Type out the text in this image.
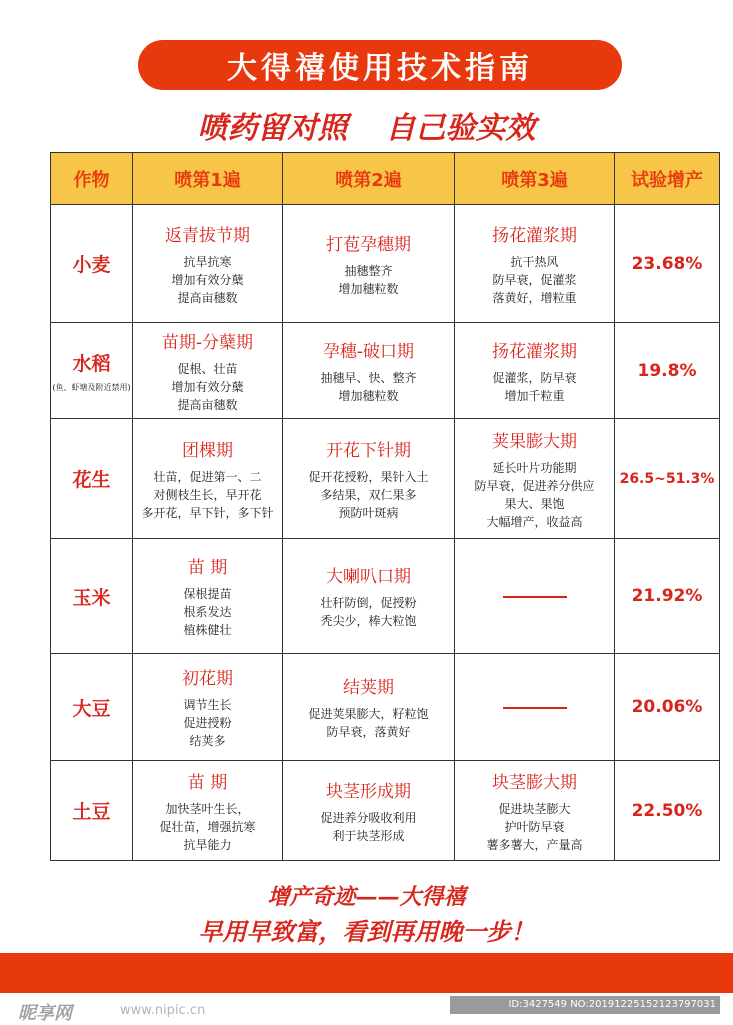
大得禧使用技术指南
喷药留对照 自己验实效
作物	喷第1遍	喷第2遍	喷第3遍	试验增产
小麦	返青拔节期
抗旱抗寒
增加有效分蘖
提高亩穗数	打苞孕穗期
抽穗整齐
增加穗粒数	扬花灌浆期
抗干热风
防早衰，促灌浆
落黄好，增粒重	23.68%
水稻
(鱼、虾塘及附近禁用)	苗期-分蘖期
促根、壮苗
增加有效分蘖
提高亩穗数	孕穗-破口期
抽穗早、快、整齐
增加穗粒数	扬花灌浆期
促灌浆，防早衰
增加千粒重	19.8%
花生	团棵期
壮苗，促进第一、二
对侧枝生长，早开花
多开花，早下针，多下针	开花下针期
促开花授粉，果针入土
多结果，双仁果多
预防叶斑病	荚果膨大期
延长叶片功能期
防早衰，促进养分供应
果大、果饱
大幅增产，收益高	26.5~51.3%
玉米	苗 期
保根提苗
根系发达
植株健壮	大喇叭口期
壮秆防倒，促授粉
秃尖少，棒大粒饱		21.92%
大豆	初花期
调节生长
促进授粉
结荚多	结荚期
促进荚果膨大，籽粒饱
防早衰，落黄好		20.06%
土豆	苗 期
加快茎叶生长，
促壮苗，增强抗寒
抗旱能力	块茎形成期
促进养分吸收利用
利于块茎形成	块茎膨大期
促进块茎膨大
护叶防早衰
薯多薯大，产量高	22.50%
增产奇迹——大得禧
早用早致富，看到再用晚一步！
昵享网	www.nipic.cn	ID:3427549 NO:20191225152123797031
